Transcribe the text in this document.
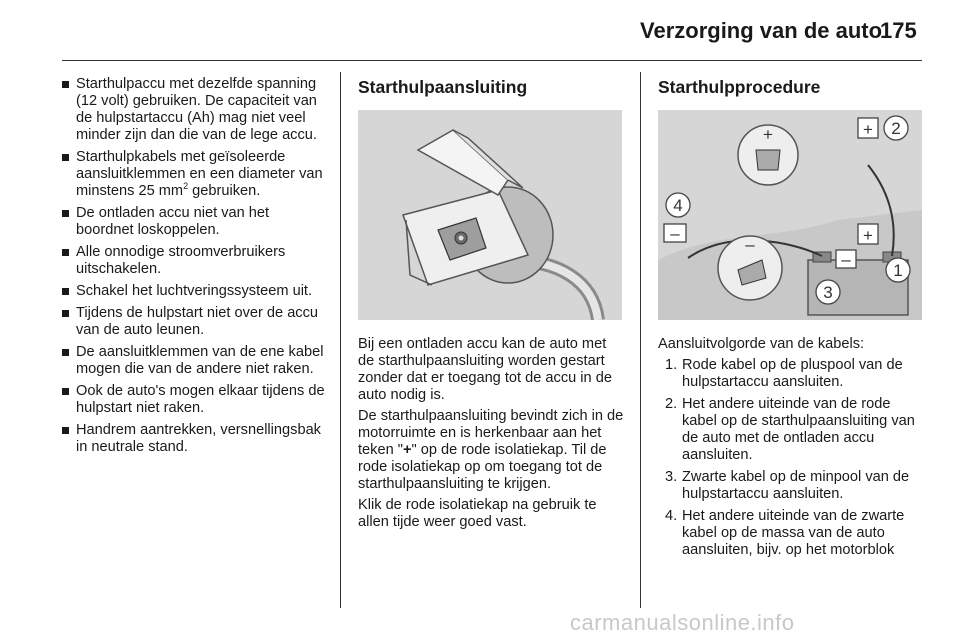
Verzorging van de auto
175
Starthulpaccu met dezelfde spanning (12 volt) gebruiken. De capaciteit van de hulpstartaccu (Ah) mag niet veel minder zijn dan die van de lege accu.
Starthulpkabels met geïsoleerde aansluitklemmen en een diameter van minstens 25 $mm^2$ gebruiken.
De ontladen accu niet van het boordnet loskoppelen.
Alle onnodige stroomverbruikers uitschakelen.
Schakel het luchtveringssysteem uit.
Tijdens de hulpstart niet over de accu van de auto leunen.
De aansluitklemmen van de ene kabel mogen die van de andere niet raken.
Ook de auto's mogen elkaar tijdens de hulpstart niet raken.
Handrem aantrekken, versnellingsbak in neutrale stand.
Starthulpaansluiting

Bij een ontladen accu kan de auto met de starthulpaansluiting worden gestart zonder dat er toegang tot de accu in de auto nodig is.

De starthulpaansluiting bevindt zich in de motorruimte en is herkenbaar aan het teken "+" op de rode isolatiekap. Til de rode isolatiekap op om toegang tot de starthulpaansluiting te krijgen.

Klik de rode isolatiekap na gebruik te allen tijde weer goed vast.

Starthulpprocedure
+
–	+
–
+
–
2
4
1
3

Aansluitvolgorde van de kabels:

1. Rode kabel op de pluspool van de hulpstartaccu aansluiten.
2. Het andere uiteinde van de rode kabel op de starthulpaansluiting van de auto met de ontladen accu aansluiten.
3. Zwarte kabel op de minpool van de hulpstartaccu aansluiten.
4. Het andere uiteinde van de zwarte kabel op de massa van de auto aansluiten, bijv. op het motorblok
carmanualsonline.info
